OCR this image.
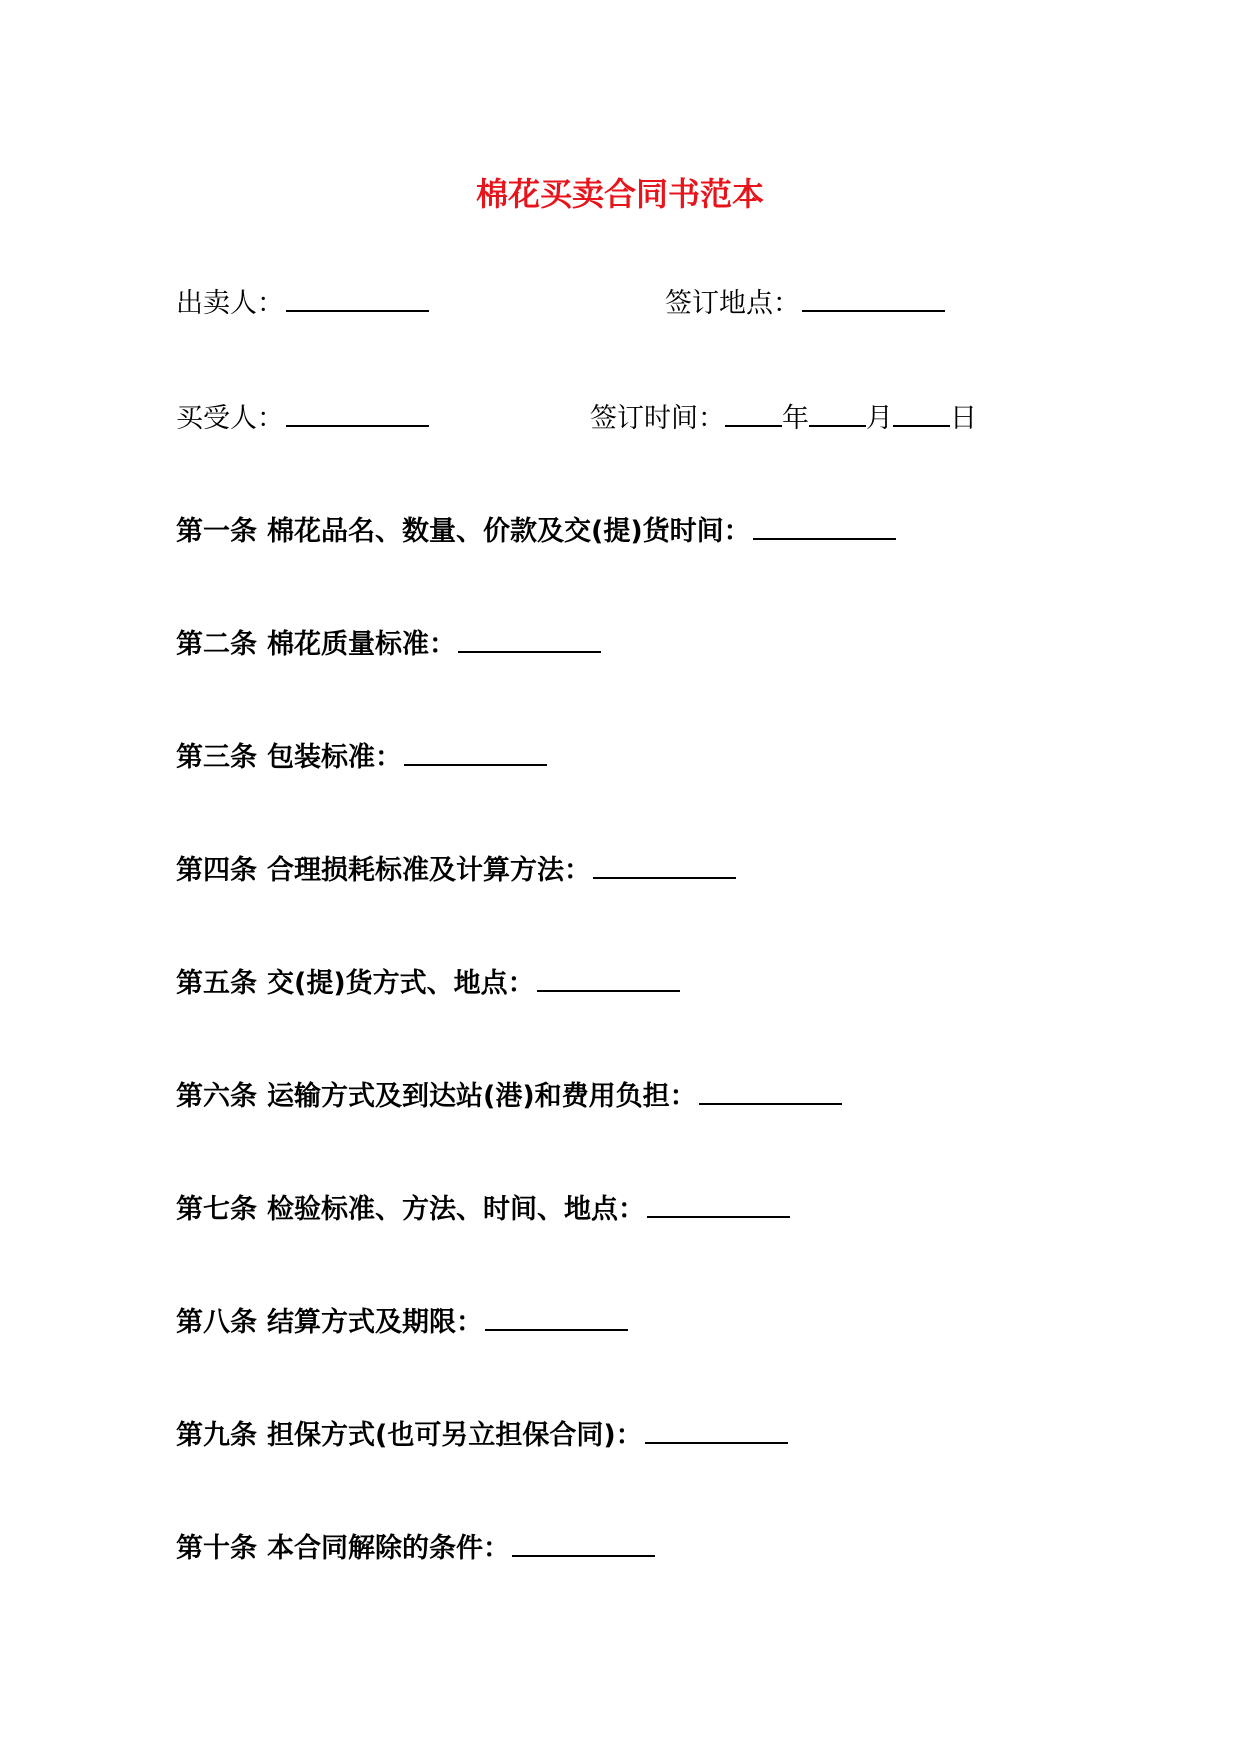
棉花买卖合同书范本
出卖人：	签订地点：
买受人：	签订时间： 年 月 日
第一条 棉花品名、数量、价款及交(提)货时间：
第二条 棉花质量标准：
第三条 包装标准：
第四条 合理损耗标准及计算方法：
第五条 交(提)货方式、地点：
第六条 运输方式及到达站(港)和费用负担：
第七条 检验标准、方法、时间、地点：
第八条 结算方式及期限：
第九条 担保方式(也可另立担保合同)：
第十条 本合同解除的条件：
